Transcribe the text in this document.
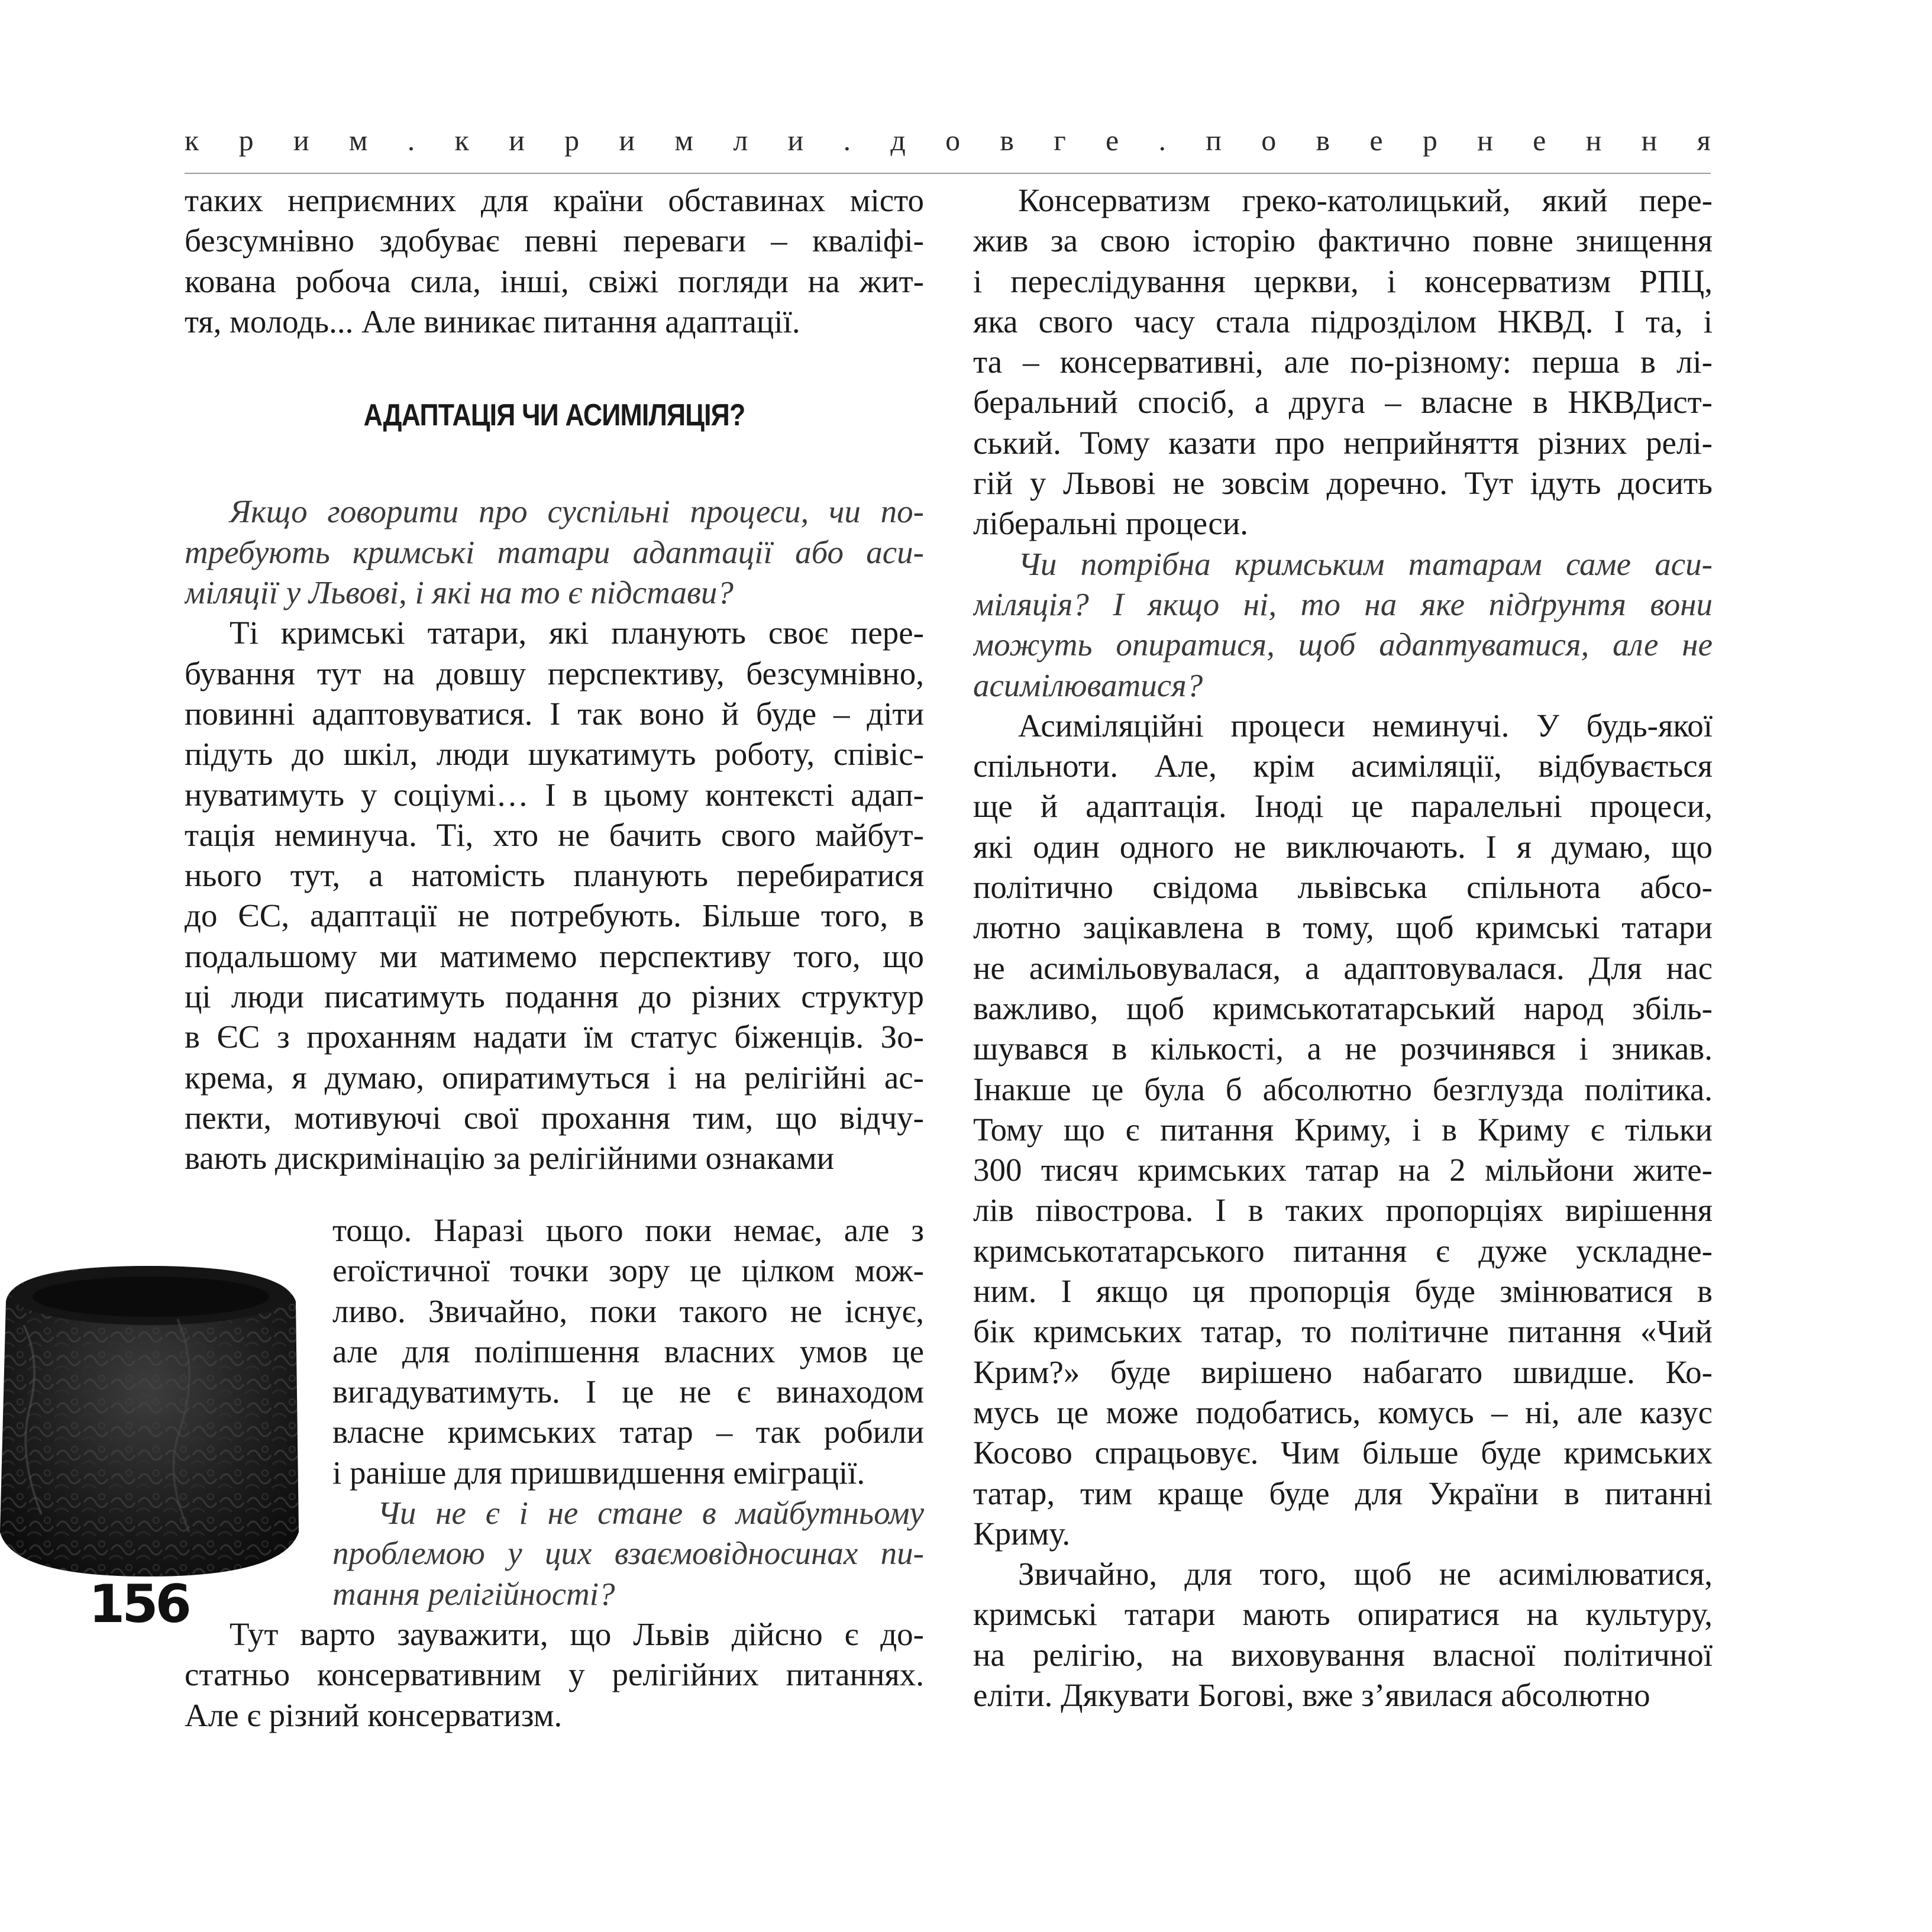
к р и м . к и р и м л и . д о в г е . п о в е р н е н н я

таких неприємних для країни обставинах місто

безсумнівно здобуває певні переваги – кваліфі-

кована робоча сила, інші, свіжі погляди на жит-

тя, молодь... Але виникає питання адаптації.

АДАПТАЦІЯ ЧИ АСИМІЛЯЦІЯ?

Якщо говорити про суспільні процеси, чи по-

требують кримські татари адаптації або аси-

міляції у Львові, і які на то є підстави?

Ті кримські татари, які планують своє пере-

бування тут на довшу перспективу, безсумнівно,

повинні адаптовуватися. І так воно й буде – діти

підуть до шкіл, люди шукатимуть роботу, співіс-

нуватимуть у соціумі… І в цьому контексті адап-

тація неминуча. Ті, хто не бачить свого майбут-

нього тут, а натомість планують перебиратися

до ЄС, адаптації не потребують. Більше того, в

подальшому ми матимемо перспективу того, що

ці люди писатимуть подання до різних структур

в ЄС з проханням надати їм статус біженців. Зо-

крема, я думаю, опиратимуться і на релігійні ас-

пекти, мотивуючі свої прохання тим, що відчу-

вають дискримінацію за релігійними ознаками

тощо. Наразі цього поки немає, але з

егоїстичної точки зору це цілком мож-

ливо. Звичайно, поки такого не існує,

але для поліпшення власних умов це

вигадуватимуть. І це не є винаходом

власне кримських татар – так робили

і раніше для пришвидшення еміграції.

Чи не є і не стане в майбутньому

проблемою у цих взаємовідносинах пи-

тання релігійності?

Тут варто зауважити, що Львів дійсно є до-

статньо консервативним у релігійних питаннях.

Але є різний консерватизм.

Консерватизм греко-католицький, який пере-

жив за свою історію фактично повне знищення

і переслідування церкви, і консерватизм РПЦ,

яка свого часу стала підрозділом НКВД. І та, і

та – консервативні, але по-різному: перша в лі-

беральний спосіб, а друга – власне в НКВДист-

ський. Тому казати про неприйняття різних релі-

гій у Львові не зовсім доречно. Тут ідуть досить

ліберальні процеси.

Чи потрібна кримським татарам саме аси-

міляція? І якщо ні, то на яке підґрунтя вони

можуть опиратися, щоб адаптуватися, але не

асимілюватися?

Асиміляційні процеси неминучі. У будь-якої

спільноти. Але, крім асиміляції, відбувається

ще й адаптація. Іноді це паралельні процеси,

які один одного не виключають. І я думаю, що

політично свідома львівська спільнота абсо-

лютно зацікавлена в тому, щоб кримські татари

не асимільовувалася, а адаптовувалася. Для нас

важливо, щоб кримськотатарський народ збіль-

шувався в кількості, а не розчинявся і зникав.

Інакше це була б абсолютно безглузда політика.

Тому що є питання Криму, і в Криму є тільки

300 тисяч кримських татар на 2 мільйони жите-

лів півострова. І в таких пропорціях вирішення

кримськотатарського питання є дуже ускладне-

ним. І якщо ця пропорція буде змінюватися в

бік кримських татар, то політичне питання «Чий

Крим?» буде вирішено набагато швидше. Ко-

мусь це може подобатись, комусь – ні, але казус

Косово спрацьовує. Чим більше буде кримських

татар, тим краще буде для України в питанні

Криму.

Звичайно, для того, щоб не асимілюватися,

кримські татари мають опиратися на культуру,

на релігію, на виховування власної політичної

еліти. Дякувати Богові, вже з’явилася абсолютно

156
